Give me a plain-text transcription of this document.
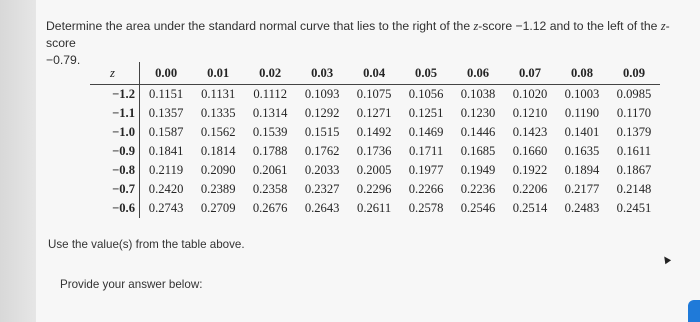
Determine the area under the standard normal curve that lies to the right of the z-score −1.12 and to the left of the z-score
−0.79.
z	0.00	0.01	0.02	0.03	0.04	0.05	0.06	0.07	0.08	0.09
−1.2	0.1151	0.1131	0.1112	0.1093	0.1075	0.1056	0.1038	0.1020	0.1003	0.0985
−1.1	0.1357	0.1335	0.1314	0.1292	0.1271	0.1251	0.1230	0.1210	0.1190	0.1170
−1.0	0.1587	0.1562	0.1539	0.1515	0.1492	0.1469	0.1446	0.1423	0.1401	0.1379
−0.9	0.1841	0.1814	0.1788	0.1762	0.1736	0.1711	0.1685	0.1660	0.1635	0.1611
−0.8	0.2119	0.2090	0.2061	0.2033	0.2005	0.1977	0.1949	0.1922	0.1894	0.1867
−0.7	0.2420	0.2389	0.2358	0.2327	0.2296	0.2266	0.2236	0.2206	0.2177	0.2148
−0.6	0.2743	0.2709	0.2676	0.2643	0.2611	0.2578	0.2546	0.2514	0.2483	0.2451
Use the value(s) from the table above.
Provide your answer below:
▲
